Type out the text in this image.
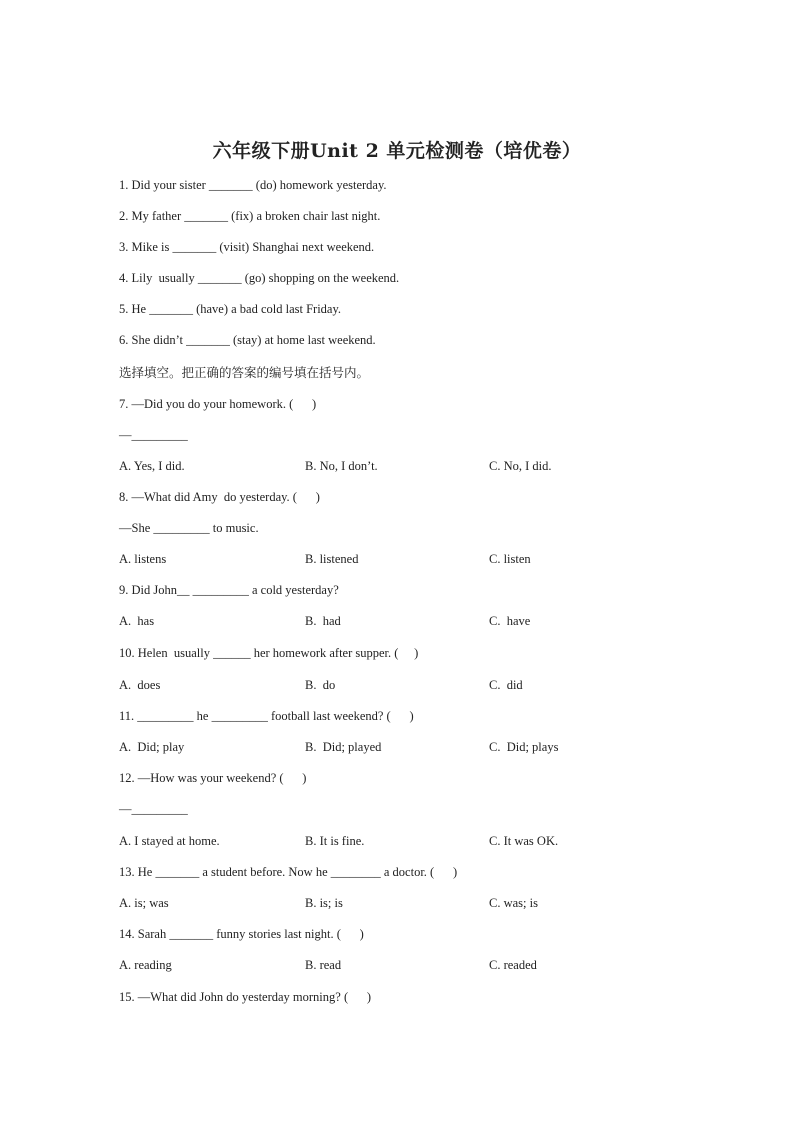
六年级下册Unit 2 单元检测卷（培优卷）
1. Did your sister _______ (do) homework yesterday.
2. My father _______ (fix) a broken chair last night.
3. Mike is _______ (visit) Shanghai next weekend.
4. Lily  usually _______ (go) shopping on the weekend.
5. He _______ (have) a bad cold last Friday.
6. She didn’t _______ (stay) at home last weekend.
选择填空。把正确的答案的编号填在括号内。
7. —Did you do your homework. (      )
—_________
A. Yes, I did.	B. No, I don’t.	C. No, I did.
8. —What did Amy  do yesterday. (      )
—She _________ to music.
A. listens	B. listened	C. listen
9. Did John__ _________ a cold yesterday?
A.  has	B.  had	C.  have
10. Helen  usually ______ her homework after supper. (     )
A.  does	B.  do	C.  did
11. _________ he _________ football last weekend? (      )
A.  Did; play	B.  Did; played	C.  Did; plays
12. —How was your weekend? (      )
—_________
A. I stayed at home.	B. It is fine.	C. It was OK.
13. He _______ a student before. Now he ________ a doctor. (      )
A. is; was	B. is; is	C. was; is
14. Sarah _______ funny stories last night. (      )
A. reading	B. read	C. readed
15. —What did John do yesterday morning? (      )
